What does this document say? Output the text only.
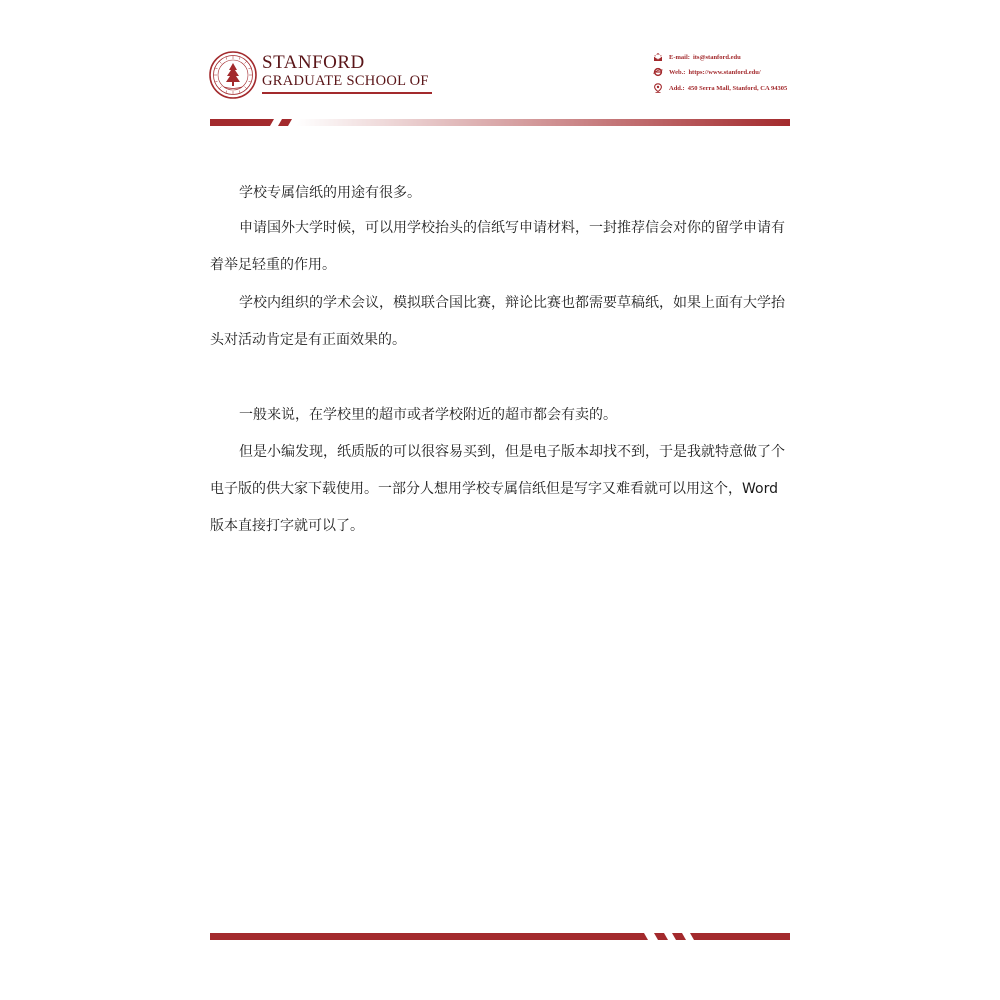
STANFORD
GRADUATE SCHOOL OF
E-mail: its@stanford.edu
Web.: https://www.stanford.edu/
Add.: 450 Serra Mall, Stanford, CA 94305
学校专属信纸的用途有很多。
申请国外大学时候，可以用学校抬头的信纸写申请材料，一封推荐信会对你的留学申请有
着举足轻重的作用。
学校内组织的学术会议，模拟联合国比赛，辩论比赛也都需要草稿纸，如果上面有大学抬
头对活动肯定是有正面效果的。
一般来说，在学校里的超市或者学校附近的超市都会有卖的。
但是小编发现，纸质版的可以很容易买到，但是电子版本却找不到，于是我就特意做了个
电子版的供大家下载使用。一部分人想用学校专属信纸但是写字又难看就可以用这个，Word
版本直接打字就可以了。
